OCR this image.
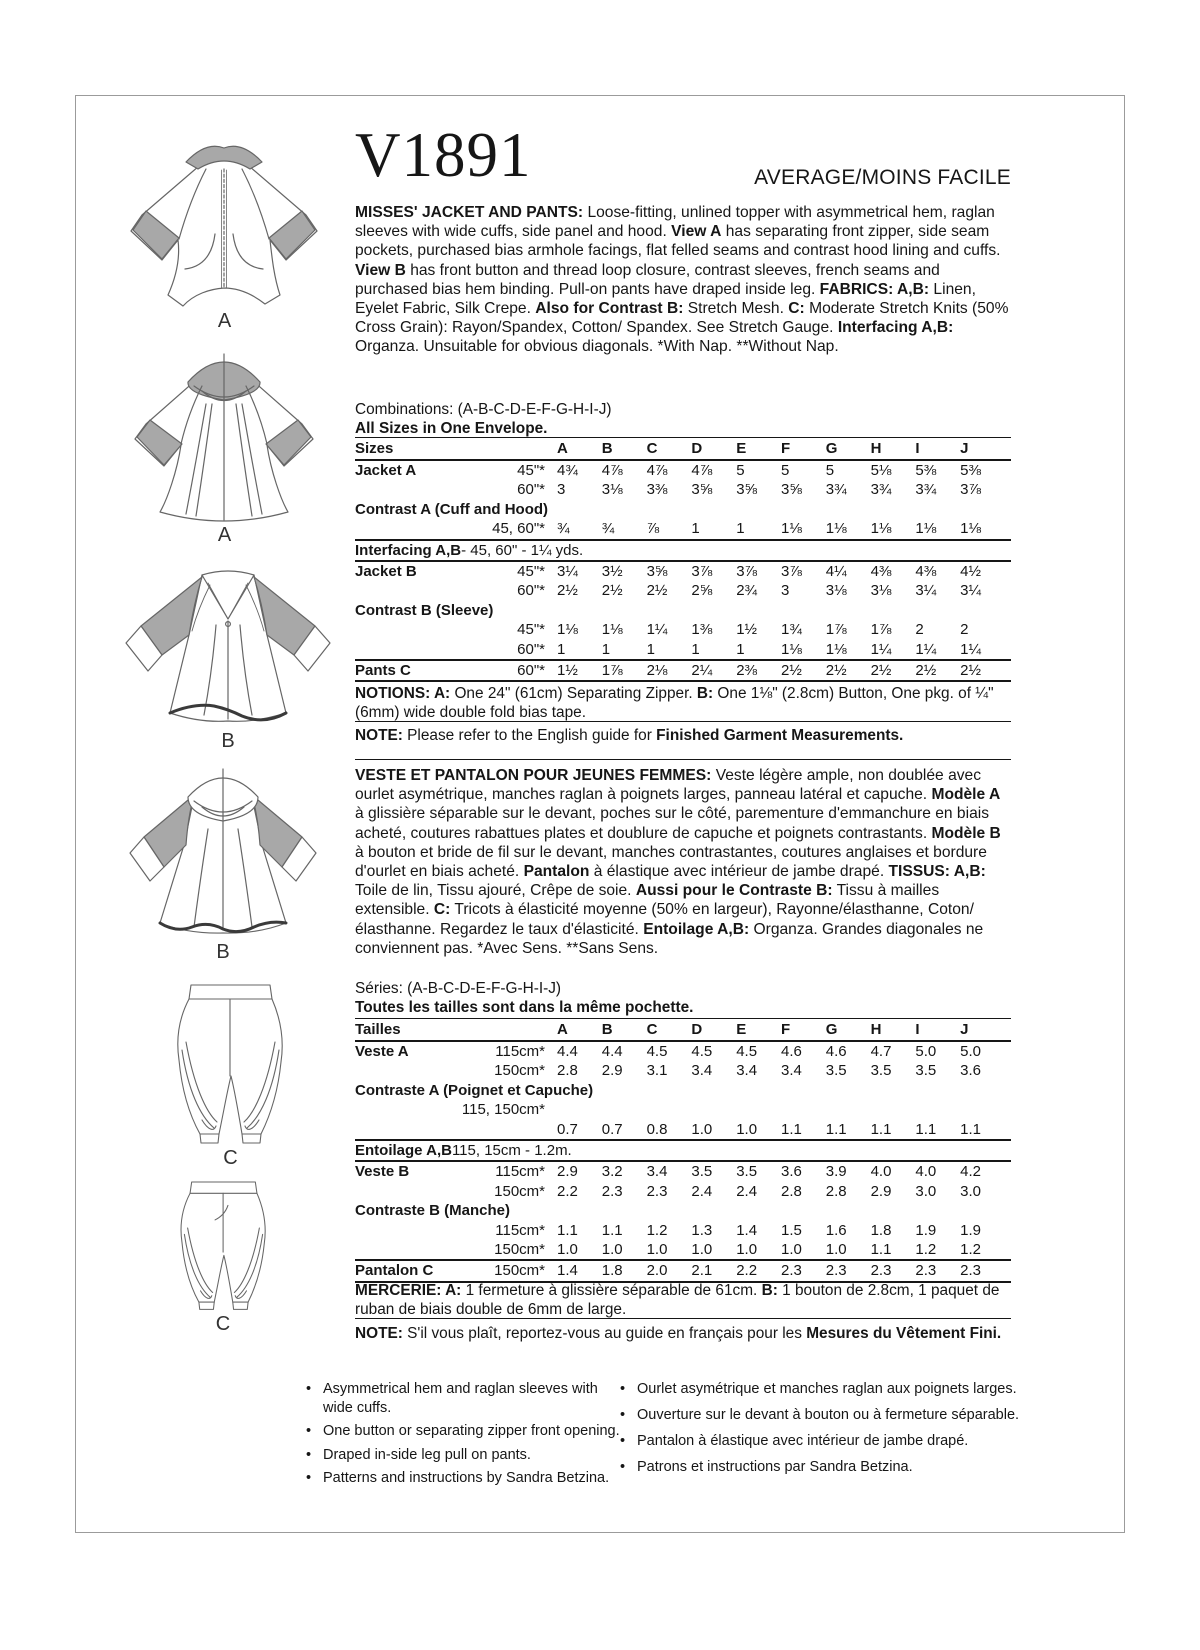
A
A
B
B
C
C
V1891	AVERAGE/MOINS FACILE
MISSES' JACKET AND PANTS: Loose-fitting, unlined topper with asymmetrical hem, raglan sleeves with wide cuffs, side panel and hood. View A has separating front zipper, side seam pockets, purchased bias armhole facings, flat felled seams and contrast hood lining and cuffs. View B has front button and thread loop closure, contrast sleeves, french seams and purchased bias hem binding. Pull-on pants have draped inside leg. FABRICS: A,B: Linen, Eyelet Fabric, Silk Crepe. Also for Contrast B: Stretch Mesh. C: Moderate Stretch Knits (50% Cross Grain): Rayon/Spandex, Cotton/ Spandex. See Stretch Gauge. Interfacing A,B: Organza. Unsuitable for obvious diagonals. *With Nap. **Without Nap.
Combinations: (A-B-C-D-E-F-G-H-I-J)
All Sizes in One Envelope.
Sizes	A	B	C	D	E	F	G	H	I	J
Jacket A	45"* 4¾	4⅞	4⅞	4⅞	5	5	5	5⅛	5⅜	5⅜
60"* 3	3⅛	3⅜	3⅝	3⅝	3⅝	3¾	3¾	3¾	3⅞
Contrast A (Cuff and Hood)
45, 60"* ¾	¾	⅞	1	1	1⅛	1⅛	1⅛	1⅛	1⅛
Interfacing A,B - 45, 60" - 1¼ yds.
Jacket B	45"* 3¼	3½	3⅝	3⅞	3⅞	3⅞	4¼	4⅜	4⅜	4½
60"* 2½	2½	2½	2⅝	2¾	3	3⅛	3⅛	3¼	3¼
Contrast B (Sleeve)
45"* 1⅛	1⅛	1¼	1⅜	1½	1¾	1⅞	1⅞	2	2
60"* 1	1	1	1	1	1⅛	1⅛	1¼	1¼	1¼
Pants C	60"* 1½	1⅞	2⅛	2¼	2⅜	2½	2½	2½	2½	2½
NOTIONS: A: One 24" (61cm) Separating Zipper. B: One 1⅛" (2.8cm) Button, One pkg. of ¼" (6mm) wide double fold bias tape.
NOTE: Please refer to the English guide for Finished Garment Measurements.
VESTE ET PANTALON POUR JEUNES FEMMES: Veste légère ample, non doublée avec ourlet asymétrique, manches raglan à poignets larges, panneau latéral et capuche. Modèle A à glissière séparable sur le devant, poches sur le côté, parementure d'emmanchure en biais acheté, coutures rabattues plates et doublure de capuche et poignets contrastants. Modèle B à bouton et bride de fil sur le devant, manches contrastantes, coutures anglaises et bordure d'ourlet en biais acheté. Pantalon à élastique avec intérieur de jambe drapé. TISSUS: A,B: Toile de lin, Tissu ajouré, Crêpe de soie. Aussi pour le Contraste B: Tissu à mailles extensible. C: Tricots à élasticité moyenne (50% en largeur), Rayonne/élasthanne, Coton/ élasthanne. Regardez le taux d'élasticité. Entoilage A,B: Organza. Grandes diagonales ne conviennent pas. *Avec Sens. **Sans Sens.
Séries: (A-B-C-D-E-F-G-H-I-J)
Toutes les tailles sont dans la même pochette.
Tailles	A	B	C	D	E	F	G	H	I	J
Veste A	115cm* 4.4	4.4	4.5	4.5	4.5	4.6	4.6	4.7	5.0	5.0
150cm* 2.8	2.9	3.1	3.4	3.4	3.4	3.5	3.5	3.5	3.6
Contraste A (Poignet et Capuche)
115, 150cm*
0.7	0.7	0.8	1.0	1.0	1.1	1.1	1.1	1.1	1.1
Entoilage A,B 115, 15cm - 1.2m.
Veste B	115cm* 2.9	3.2	3.4	3.5	3.5	3.6	3.9	4.0	4.0	4.2
150cm* 2.2	2.3	2.3	2.4	2.4	2.8	2.8	2.9	3.0	3.0
Contraste B (Manche)
115cm* 1.1	1.1	1.2	1.3	1.4	1.5	1.6	1.8	1.9	1.9
150cm* 1.0	1.0	1.0	1.0	1.0	1.0	1.0	1.1	1.2	1.2
Pantalon C	150cm* 1.4	1.8	2.0	2.1	2.2	2.3	2.3	2.3	2.3	2.3
MERCERIE: A: 1 fermeture à glissière séparable de 61cm. B: 1 bouton de 2.8cm, 1 paquet de ruban de biais double de 6mm de large.
NOTE: S'il vous plaît, reportez-vous au guide en français pour les Mesures du Vêtement Fini.
• Asymmetrical hem and raglan sleeves with wide cuffs.
• One button or separating zipper front opening.
• Draped in-side leg pull on pants.
• Patterns and instructions by Sandra Betzina.
• Ourlet asymétrique et manches raglan aux poignets larges.
• Ouverture sur le devant à bouton ou à fermeture séparable.
• Pantalon à élastique avec intérieur de jambe drapé.
• Patrons et instructions par Sandra Betzina.
